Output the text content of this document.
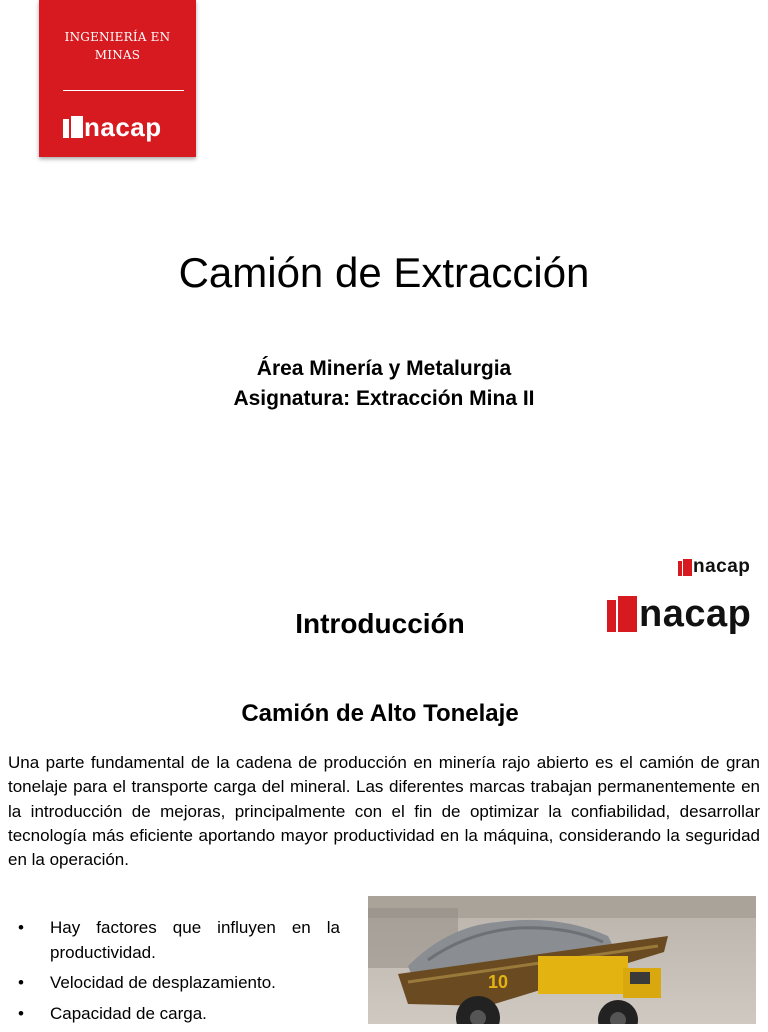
INGENIERÍA EN
MINAS
nacap
Camión de Extracción
Área Minería y Metalurgia
Asignatura: Extracción Mina II
nacap
nacap
Introducción
Camión de Alto Tonelaje
Una parte fundamental de la cadena de producción en minería rajo abierto es el camión de gran tonelaje para el transporte carga del mineral. Las diferentes marcas trabajan permanentemente en la introducción de mejoras, principalmente con el fin de optimizar la confiabilidad, desarrollar tecnología más eficiente aportando mayor productividad en la máquina, considerando la seguridad en la operación.
•	Hay factores que influyen en la productividad.
•	Velocidad de desplazamiento.
•	Capacidad de carga.
10
